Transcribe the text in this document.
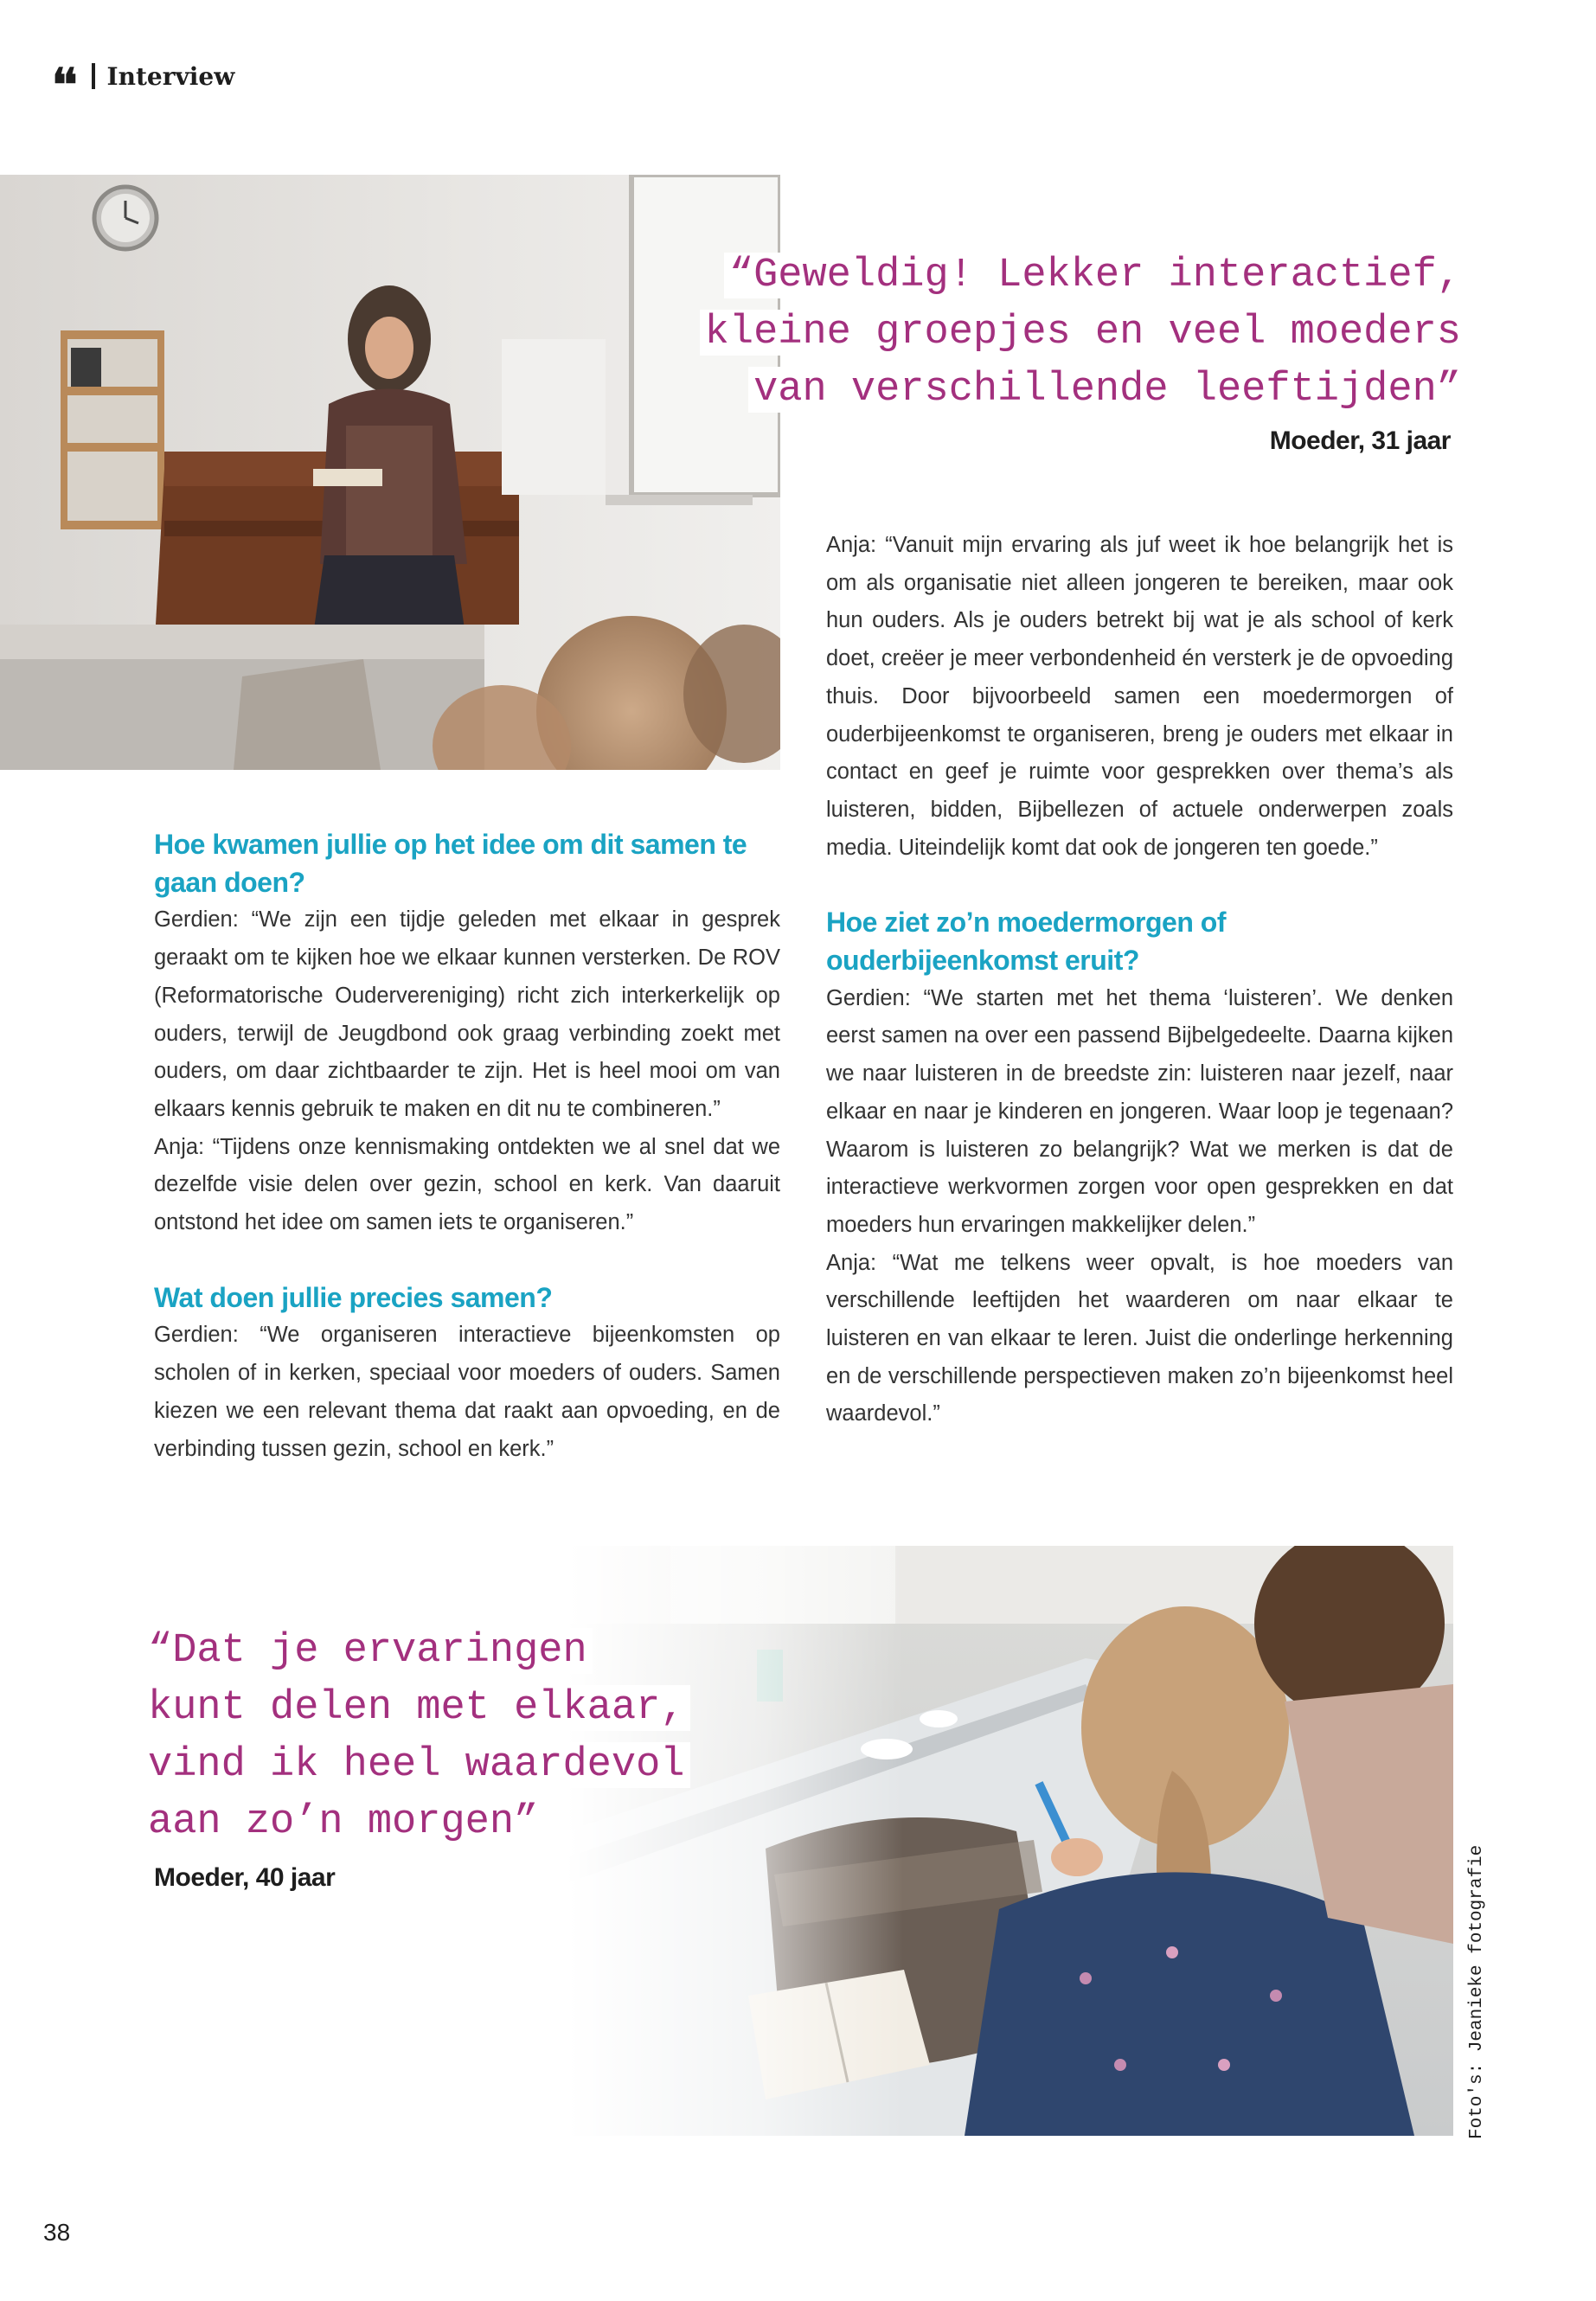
❛❛ Interview
“Geweldig! Lekker interactief,
kleine groepjes en veel moeders
van verschillende leeftijden”
Moeder, 31 jaar

Anja: “Vanuit mijn ervaring als juf weet ik hoe belangrijk het is om als organisatie niet alleen jongeren te bereiken, maar ook hun ouders. Als je ouders betrekt bij wat je als school of kerk doet, creëer je meer verbondenheid én versterk je de opvoeding thuis. Door bijvoorbeeld samen een moedermorgen of ouderbijeenkomst te organiseren, breng je ouders met elkaar in contact en geef je ruimte voor gesprekken over thema’s als luisteren, bidden, Bijbellezen of actuele onderwerpen zoals media. Uiteindelijk komt dat ook de jongeren ten goede.”

Hoe ziet zo’n moedermorgen of ouderbijeenkomst eruit?

Gerdien: “We starten met het thema ‘luisteren’. We denken eerst samen na over een passend Bijbelgedeelte. Daarna kijken we naar luisteren in de breedste zin: luisteren naar jezelf, naar elkaar en naar je kinderen en jongeren. Waar loop je tegenaan? Waarom is luisteren zo belangrijk? Wat we merken is dat de interactieve werkvormen zorgen voor open gesprekken en dat moeders hun ervaringen makkelijker delen.”

Anja: “Wat me telkens weer opvalt, is hoe moeders van verschillende leeftijden het waarderen om naar elkaar te luisteren en van elkaar te leren. Juist die onderlinge herkenning en de verschillende perspectieven maken zo’n bijeenkomst heel waardevol.”

Hoe kwamen jullie op het idee om dit samen te gaan doen?

Gerdien: “We zijn een tijdje geleden met elkaar in gesprek geraakt om te kijken hoe we elkaar kunnen versterken. De ROV (Reformatorische Oudervereniging) richt zich interkerkelijk op ouders, terwijl de Jeugdbond ook graag verbinding zoekt met ouders, om daar zichtbaarder te zijn. Het is heel mooi om van elkaars kennis gebruik te maken en dit nu te combineren.”

Anja: “Tijdens onze kennismaking ontdekten we al snel dat we dezelfde visie delen over gezin, school en kerk. Van daaruit ontstond het idee om samen iets te organiseren.”

Wat doen jullie precies samen?

Gerdien: “We organiseren interactieve bijeenkomsten op scholen of in kerken, speciaal voor moeders of ouders. Samen kiezen we een relevant thema dat raakt aan opvoeding, en de verbinding tussen gezin, school en kerk.”

“Dat je ervaringen
kunt delen met elkaar,
vind ik heel waardevol
aan zo’n morgen”
Moeder, 40 jaar	Foto's: Jeanieke fotografie
38
